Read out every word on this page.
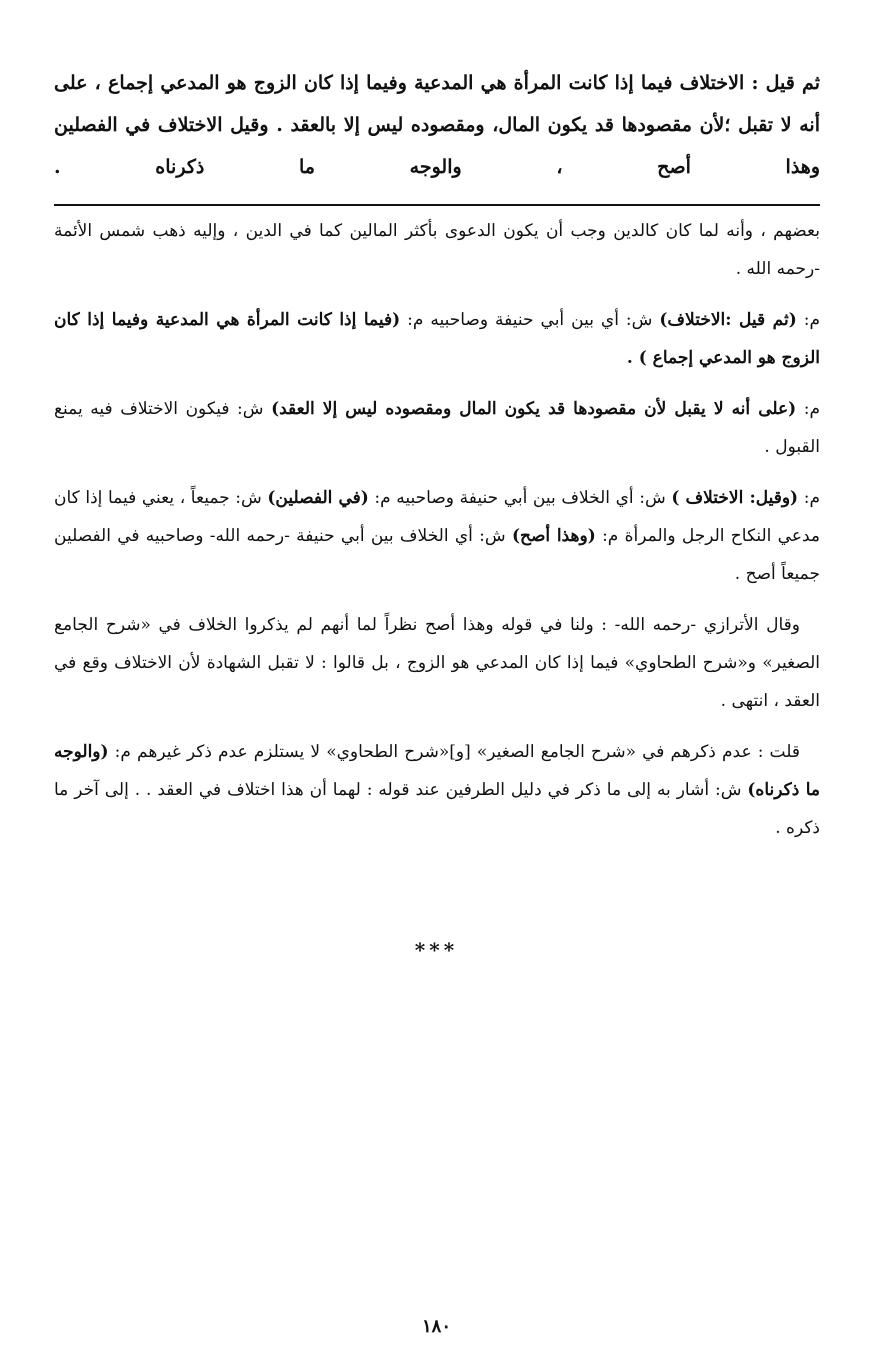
ثم قيل : الاختلاف فيما إذا كانت المرأة هي المدعية وفيما إذا كان الزوج هو المدعي إجماع ، على أنه لا تقبل ؛لأن مقصودها قد يكون المال، ومقصوده ليس إلا بالعقد . وقيل الاختلاف في الفصلين وهذا أصح ، والوجه ما ذكرناه .

بعضهم ، وأنه لما كان كالدين وجب أن يكون الدعوى بأكثر المالين كما في الدين ، وإليه ذهب شمس الأئمة -رحمه الله .

م: (ثم قيل :الاختلاف) ش: أي بين أبي حنيفة وصاحبيه م: (فيما إذا كانت المرأة هي المدعية وفيما إذا كان الزوج هو المدعي إجماع ) .

م: (على أنه لا يقبل لأن مقصودها قد يكون المال ومقصوده ليس إلا العقد) ش: فيكون الاختلاف فيه يمنع القبول .

م: (وقيل: الاختلاف ) ش: أي الخلاف بين أبي حنيفة وصاحبيه م: (في الفصلين) ش: جميعاً ، يعني فيما إذا كان مدعي النكاح الرجل والمرأة م: (وهذا أصح) ش: أي الخلاف بين أبي حنيفة -رحمه الله- وصاحبيه في الفصلين جميعاً أصح .

وقال الأترازي -رحمه الله- : ولنا في قوله وهذا أصح نظراً لما أنهم لم يذكروا الخلاف في «شرح الجامع الصغير» و«شرح الطحاوي» فيما إذا كان المدعي هو الزوج ، بل قالوا : لا تقبل الشهادة لأن الاختلاف وقع في العقد ، انتهى .

قلت : عدم ذكرهم في «شرح الجامع الصغير» [و]«شرح الطحاوي» لا يستلزم عدم ذكر غيرهم م: (والوجه ما ذكرناه) ش: أشار به إلى ما ذكر في دليل الطرفين عند قوله : لهما أن هذا اختلاف في العقد . . إلى آخر ما ذكره .

***
١٨٠
